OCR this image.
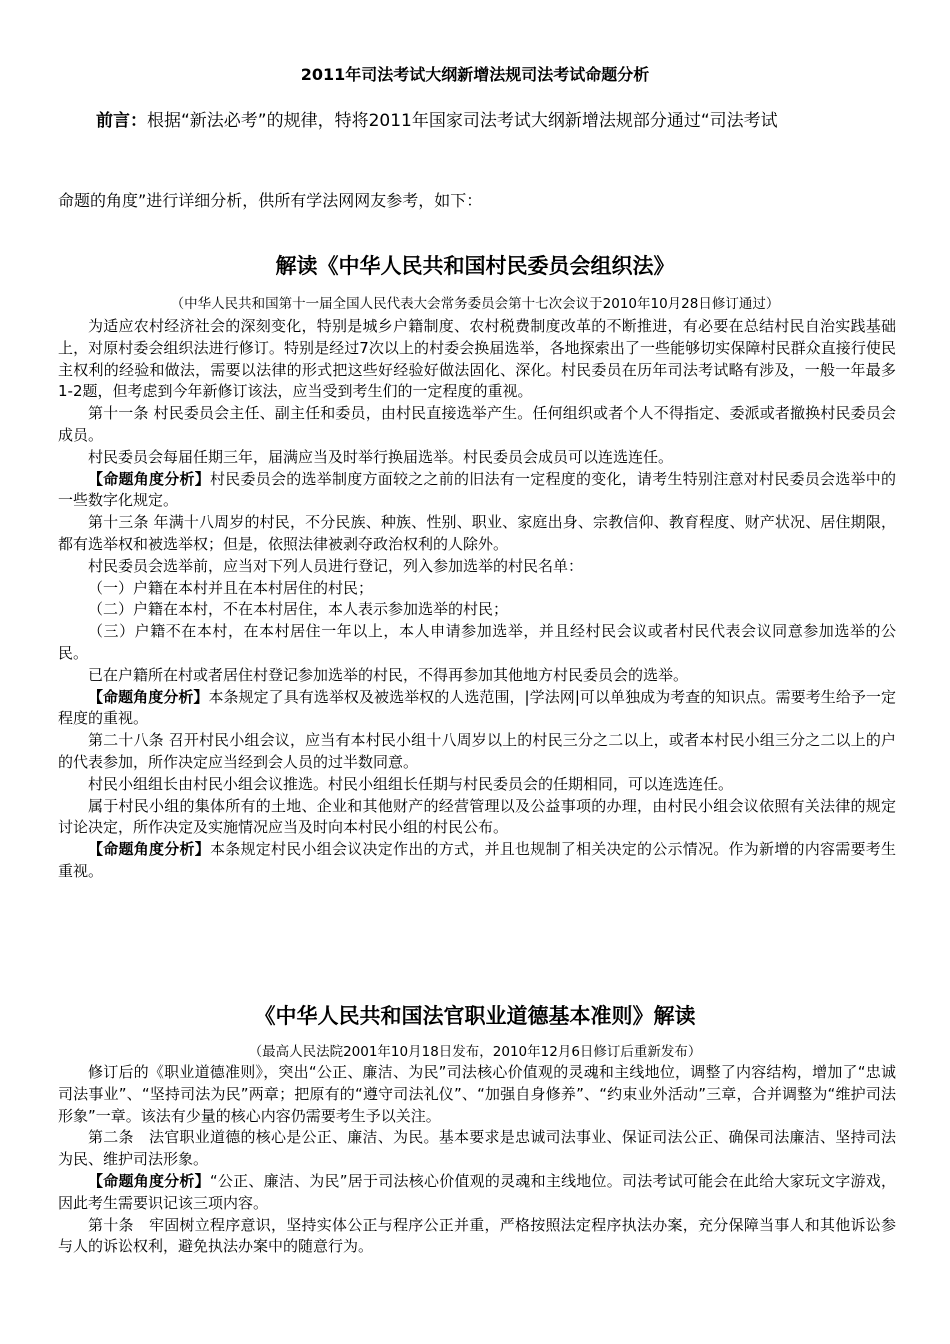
2011年司法考试大纲新增法规司法考试命题分析
前言：根据“新法必考”的规律，特将2011年国家司法考试大纲新增法规部分通过“司法考试
命题的角度”进行详细分析，供所有学法网网友参考，如下：
解读《中华人民共和国村民委员会组织法》
（中华人民共和国第十一届全国人民代表大会常务委员会第十七次会议于2010年10月28日修订通过）

为适应农村经济社会的深刻变化，特别是城乡户籍制度、农村税费制度改革的不断推进，有必要在总结村民自治实践基础上，对原村委会组织法进行修订。特别是经过7次以上的村委会换届选举，各地探索出了一些能够切实保障村民群众直接行使民主权利的经验和做法，需要以法律的形式把这些好经验好做法固化、深化。村民委员在历年司法考试略有涉及，一般一年最多1-2题，但考虑到今年新修订该法，应当受到考生们的一定程度的重视。

第十一条 村民委员会主任、副主任和委员，由村民直接选举产生。任何组织或者个人不得指定、委派或者撤换村民委员会成员。

村民委员会每届任期三年，届满应当及时举行换届选举。村民委员会成员可以连选连任。

【命题角度分析】村民委员会的选举制度方面较之之前的旧法有一定程度的变化，请考生特别注意对村民委员会选举中的一些数字化规定。

第十三条 年满十八周岁的村民，不分民族、种族、性别、职业、家庭出身、宗教信仰、教育程度、财产状况、居住期限，都有选举权和被选举权；但是，依照法律被剥夺政治权利的人除外。

村民委员会选举前，应当对下列人员进行登记，列入参加选举的村民名单：

（一）户籍在本村并且在本村居住的村民；

（二）户籍在本村，不在本村居住，本人表示参加选举的村民；

（三）户籍不在本村，在本村居住一年以上，本人申请参加选举，并且经村民会议或者村民代表会议同意参加选举的公民。

已在户籍所在村或者居住村登记参加选举的村民，不得再参加其他地方村民委员会的选举。

【命题角度分析】本条规定了具有选举权及被选举权的人选范围，|学法网|可以单独成为考查的知识点。需要考生给予一定程度的重视。

第二十八条 召开村民小组会议，应当有本村民小组十八周岁以上的村民三分之二以上，或者本村民小组三分之二以上的户的代表参加，所作决定应当经到会人员的过半数同意。

村民小组组长由村民小组会议推选。村民小组组长任期与村民委员会的任期相同，可以连选连任。

属于村民小组的集体所有的土地、企业和其他财产的经营管理以及公益事项的办理，由村民小组会议依照有关法律的规定讨论决定，所作决定及实施情况应当及时向本村民小组的村民公布。

【命题角度分析】本条规定村民小组会议决定作出的方式，并且也规制了相关决定的公示情况。作为新增的内容需要考生重视。

《中华人民共和国法官职业道德基本准则》解读
（最高人民法院2001年10月18日发布，2010年12月6日修订后重新发布）

修订后的《职业道德准则》，突出“公正、廉洁、为民”司法核心价值观的灵魂和主线地位，调整了内容结构，增加了“忠诚司法事业”、“坚持司法为民”两章；把原有的“遵守司法礼仪”、“加强自身修养”、“约束业外活动”三章，合并调整为“维护司法形象”一章。该法有少量的核心内容仍需要考生予以关注。

第二条　法官职业道德的核心是公正、廉洁、为民。基本要求是忠诚司法事业、保证司法公正、确保司法廉洁、坚持司法为民、维护司法形象。

【命题角度分析】“公正、廉洁、为民”居于司法核心价值观的灵魂和主线地位。司法考试可能会在此给大家玩文字游戏，因此考生需要识记该三项内容。

第十条　牢固树立程序意识，坚持实体公正与程序公正并重，严格按照法定程序执法办案，充分保障当事人和其他诉讼参与人的诉讼权利，避免执法办案中的随意行为。
